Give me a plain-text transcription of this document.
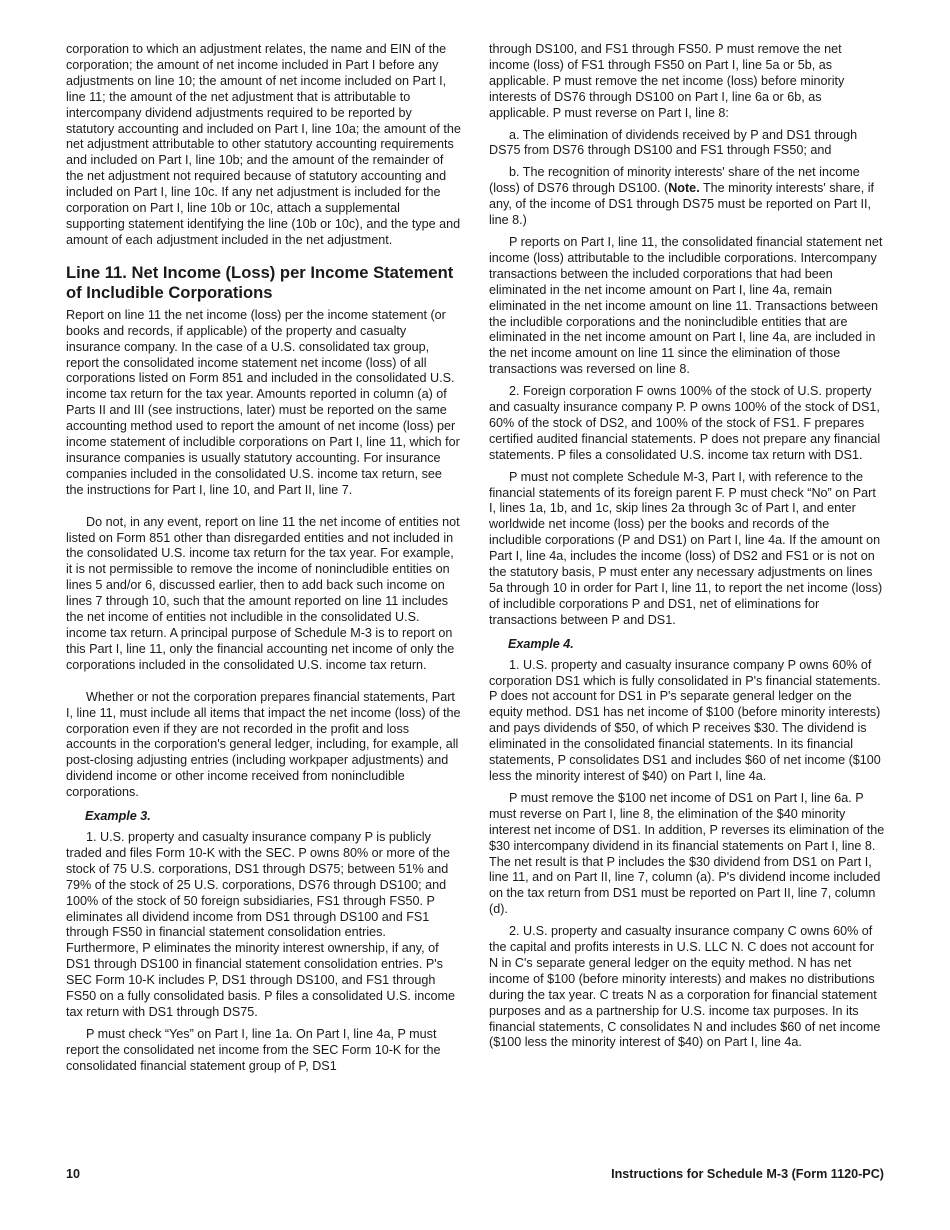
corporation to which an adjustment relates, the name and EIN of the corporation; the amount of net income included in Part I before any adjustments on line 10; the amount of net income included on Part I, line 11; the amount of the net adjustment that is attributable to intercompany dividend adjustments required to be reported by statutory accounting and included on Part I, line 10a; the amount of the net adjustment attributable to other statutory accounting requirements and included on Part I, line 10b; and the amount of the remainder of the net adjustment not required because of statutory accounting and included on Part I, line 10c. If any net adjustment is included for the corporation on Part I, line 10b or 10c, attach a supplemental supporting statement identifying the line (10b or 10c), and the type and amount of each adjustment included in the net adjustment.

Line 11. Net Income (Loss) per Income Statement of Includible Corporations

Report on line 11 the net income (loss) per the income statement (or books and records, if applicable) of the property and casualty insurance company. In the case of a U.S. consolidated tax group, report the consolidated income statement net income (loss) of all corporations listed on Form 851 and included in the consolidated U.S. income tax return for the tax year. Amounts reported in column (a) of Parts II and III (see instructions, later) must be reported on the same accounting method used to report the amount of net income (loss) per income statement of includible corporations on Part I, line 11, which for insurance companies is usually statutory accounting. For insurance companies included in the consolidated U.S. income tax return, see the instructions for Part I, line 10, and Part II, line 7.

Do not, in any event, report on line 11 the net income of entities not listed on Form 851 other than disregarded entities and not included in the consolidated U.S. income tax return for the tax year. For example, it is not permissible to remove the income of nonincludible entities on lines 5 and/or 6, discussed earlier, then to add back such income on lines 7 through 10, such that the amount reported on line 11 includes the net income of entities not includible in the consolidated U.S. income tax return. A principal purpose of Schedule M-3 is to report on this Part I, line 11, only the financial accounting net income of only the corporations included in the consolidated U.S. income tax return.

Whether or not the corporation prepares financial statements, Part I, line 11, must include all items that impact the net income (loss) of the corporation even if they are not recorded in the profit and loss accounts in the corporation's general ledger, including, for example, all post-closing adjusting entries (including workpaper adjustments) and dividend income or other income received from nonincludible corporations.

Example 3.

1. U.S. property and casualty insurance company P is publicly traded and files Form 10-K with the SEC. P owns 80% or more of the stock of 75 U.S. corporations, DS1 through DS75; between 51% and 79% of the stock of 25 U.S. corporations, DS76 through DS100; and 100% of the stock of 50 foreign subsidiaries, FS1 through FS50. P eliminates all dividend income from DS1 through DS100 and FS1 through FS50 in financial statement consolidation entries. Furthermore, P eliminates the minority interest ownership, if any, of DS1 through DS100 in financial statement consolidation entries. P's SEC Form 10-K includes P, DS1 through DS100, and FS1 through FS50 on a fully consolidated basis. P files a consolidated U.S. income tax return with DS1 through DS75.

P must check “Yes” on Part I, line 1a. On Part I, line 4a, P must report the consolidated net income from the SEC Form 10-K for the consolidated financial statement group of P, DS1

through DS100, and FS1 through FS50. P must remove the net income (loss) of FS1 through FS50 on Part I, line 5a or 5b, as applicable. P must remove the net income (loss) before minority interests of DS76 through DS100 on Part I, line 6a or 6b, as applicable. P must reverse on Part I, line 8:

a. The elimination of dividends received by P and DS1 through DS75 from DS76 through DS100 and FS1 through FS50; and

b. The recognition of minority interests' share of the net income (loss) of DS76 through DS100. (Note. The minority interests' share, if any, of the income of DS1 through DS75 must be reported on Part II, line 8.)

P reports on Part I, line 11, the consolidated financial statement net income (loss) attributable to the includible corporations. Intercompany transactions between the included corporations that had been eliminated in the net income amount on Part I, line 4a, remain eliminated in the net income amount on line 11. Transactions between the includible corporations and the nonincludible entities that are eliminated in the net income amount on Part I, line 4a, are included in the net income amount on line 11 since the elimination of those transactions was reversed on line 8.

2. Foreign corporation F owns 100% of the stock of U.S. property and casualty insurance company P. P owns 100% of the stock of DS1, 60% of the stock of DS2, and 100% of the stock of FS1. F prepares certified audited financial statements. P does not prepare any financial statements. P files a consolidated U.S. income tax return with DS1.

P must not complete Schedule M-3, Part I, with reference to the financial statements of its foreign parent F. P must check “No” on Part I, lines 1a, 1b, and 1c, skip lines 2a through 3c of Part I, and enter worldwide net income (loss) per the books and records of the includible corporations (P and DS1) on Part I, line 4a. If the amount on Part I, line 4a, includes the income (loss) of DS2 and FS1 or is not on the statutory basis, P must enter any necessary adjustments on lines 5a through 10 in order for Part I, line 11, to report the net income (loss) of includible corporations P and DS1, net of eliminations for transactions between P and DS1.

Example 4.

1. U.S. property and casualty insurance company P owns 60% of corporation DS1 which is fully consolidated in P's financial statements. P does not account for DS1 in P's separate general ledger on the equity method. DS1 has net income of $100 (before minority interests) and pays dividends of $50, of which P receives $30. The dividend is eliminated in the consolidated financial statements. In its financial statements, P consolidates DS1 and includes $60 of net income ($100 less the minority interest of $40) on Part I, line 4a.

P must remove the $100 net income of DS1 on Part I, line 6a. P must reverse on Part I, line 8, the elimination of the $40 minority interest net income of DS1. In addition, P reverses its elimination of the $30 intercompany dividend in its financial statements on Part I, line 8. The net result is that P includes the $30 dividend from DS1 on Part I, line 11, and on Part II, line 7, column (a). P's dividend income included on the tax return from DS1 must be reported on Part II, line 7, column (d).

2. U.S. property and casualty insurance company C owns 60% of the capital and profits interests in U.S. LLC N. C does not account for N in C's separate general ledger on the equity method. N has net income of $100 (before minority interests) and makes no distributions during the tax year. C treats N as a corporation for financial statement purposes and as a partnership for U.S. income tax purposes. In its financial statements, C consolidates N and includes $60 of net income ($100 less the minority interest of $40) on Part I, line 4a.

10	Instructions for Schedule M-3 (Form 1120-PC)
